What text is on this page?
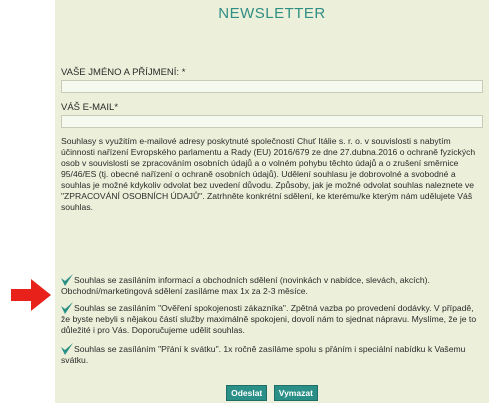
NEWSLETTER
VAŠE JMÉNO A PŘÍJMENÍ: *
VÁŠ E-MAIL*
Souhlasy s využitím e-mailové adresy poskytnuté společností Chuť Itálie s. r. o. v souvislosti s nabytím účinnosti nařízení Evropského parlamentu a Rady (EU) 2016/679 ze dne 27.dubna.2016 o ochraně fyzických osob v souvislosti se zpracováním osobních údajů a o volném pohybu těchto údajů a o zrušení směrnice 95/46/ES (tj. obecné nařízení o ochraně osobních údajů). Udělení souhlasu je dobrovolné a svobodné a souhlas je možné kdykoliv odvolat bez uvedení důvodu. Způsoby, jak je možné odvolat souhlas naleznete ve "ZPRACOVÁNÍ OSOBNÍCH ÚDAJŮ". Zatrhněte konkrétní sdělení, ke kterému/ke kterým nám udělujete Váš souhlas.
Souhlas se zasíláním informací a obchodních sdělení (novinkách v nabídce, slevách, akcích). Obchodní/marketingová sdělení zasíláme max 1x za 2-3 měsíce.
Souhlas se zasíláním "Ověření spokojenosti zákazníka". Zpětná vazba po provedení dodávky. V případě, že byste nebyli s nějakou částí služby maximálně spokojeni, dovolí nám to sjednat nápravu. Myslíme, že je to důležité i pro Vás. Doporučujeme udělit souhlas.
Souhlas se zasíláním "Přání k svátku". 1x ročně zasíláme spolu s přáním i speciální nabídku k Vašemu svátku.
Odeslat Vymazat
